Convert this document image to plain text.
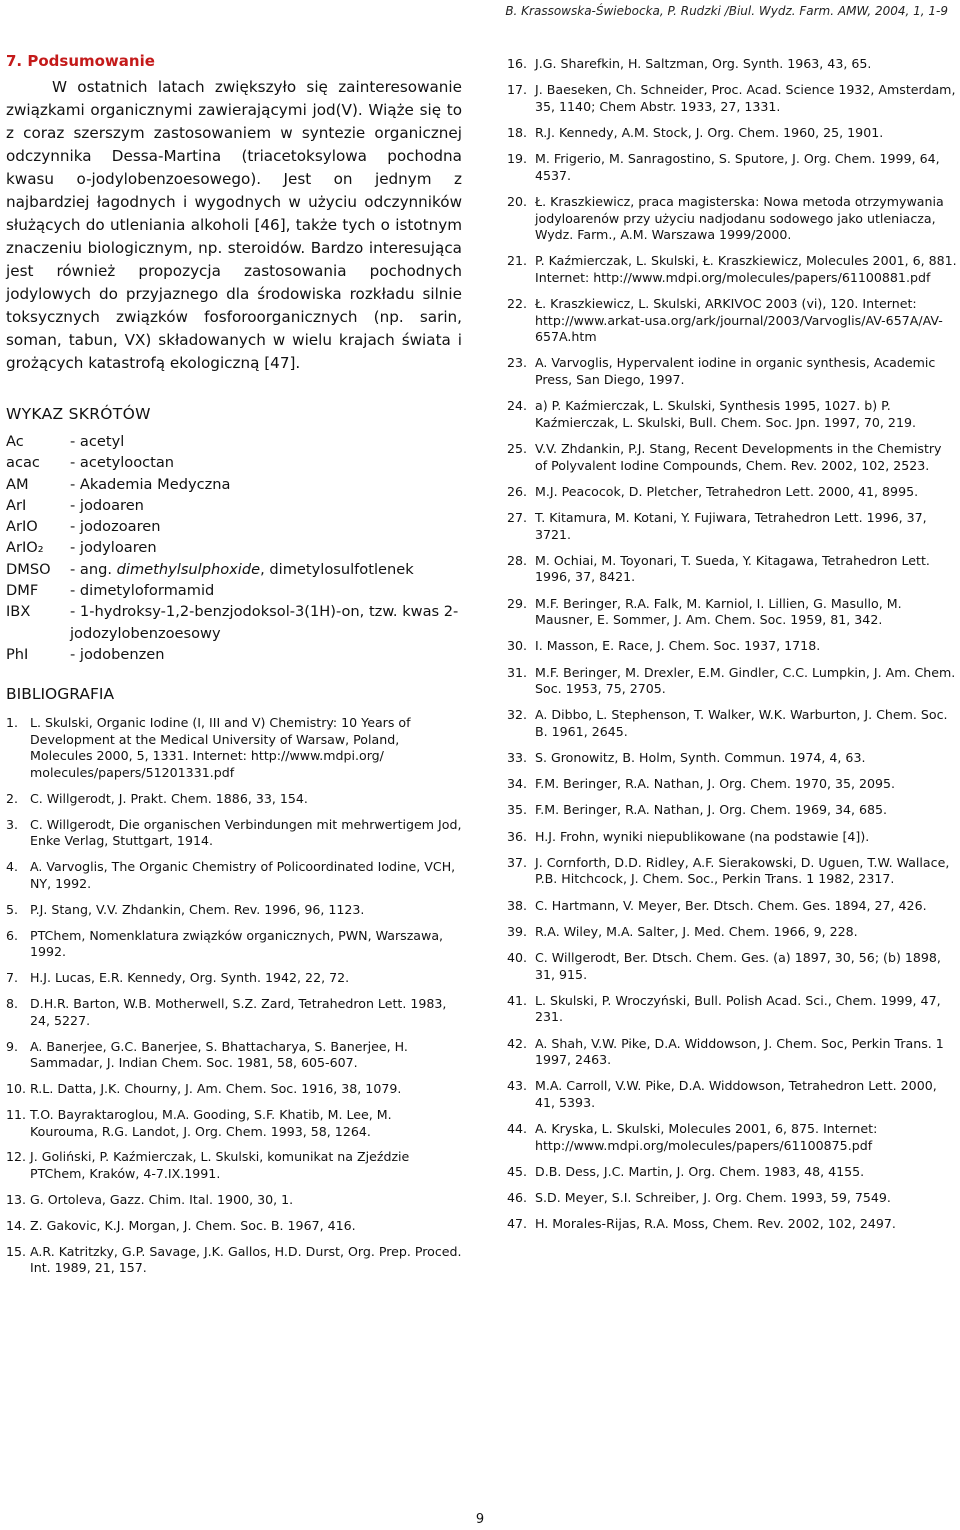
B. Krassowska-Świebocka, P. Rudzki /Biul. Wydz. Farm. AMW, 2004, 1, 1-9
7. Podsumowanie

W ostatnich latach zwiększyło się zainteresowanie związkami organicznymi zawierającymi jod(V). Wiąże się to z coraz szerszym zastosowaniem w syntezie organicznej odczynnika Dessa-Martina (triacetoksylowa pochodna kwasu o-jodylobenzoesowego). Jest on jednym z najbardziej łagodnych i wygodnych w użyciu odczynników służących do utleniania alkoholi [46], także tych o istotnym znaczeniu biologicznym, np. steroidów. Bardzo interesująca jest również propozycja zastosowania pochodnych jodylowych do przyjaznego dla środowiska rozkładu silnie toksycznych związków fosforoorganicznych (np. sarin, soman, tabun, VX) składowanych w wielu krajach świata i grożących katastrofą ekologiczną [47].

WYKAZ SKRÓTÓW
Ac	- acetyl
acac	- acetylooctan
AM	- Akademia Medyczna
ArI	- jodoaren
ArIO	- jodozoaren
ArIO₂	- jodyloaren
DMSO	- ang. dimethylsulphoxide, dimetylosulfotlenek
DMF	- dimetyloformamid
IBX	- 1-hydroksy-1,2-benzjodoksol-3(1H)-on, tzw. kwas 2-jodozylobenzoesowy
PhI	- jodobenzen
BIBLIOGRAFIA
1. L. Skulski, Organic Iodine (I, III and V) Chemistry: 10 Years of Development at the Medical University of Warsaw, Poland, Molecules 2000, 5, 1331. Internet: http://www.mdpi.org/ molecules/papers/51201331.pdf
2. C. Willgerodt, J. Prakt. Chem. 1886, 33, 154.
3. C. Willgerodt, Die organischen Verbindungen mit mehrwertigem Jod, Enke Verlag, Stuttgart, 1914.
4. A. Varvoglis, The Organic Chemistry of Policoordinated Iodine, VCH, NY, 1992.
5. P.J. Stang, V.V. Zhdankin, Chem. Rev. 1996, 96, 1123.
6. PTChem, Nomenklatura związków organicznych, PWN, Warszawa, 1992.
7. H.J. Lucas, E.R. Kennedy, Org. Synth. 1942, 22, 72.
8. D.H.R. Barton, W.B. Motherwell, S.Z. Zard, Tetrahedron Lett. 1983, 24, 5227.
9. A. Banerjee, G.C. Banerjee, S. Bhattacharya, S. Banerjee, H. Sammadar, J. Indian Chem. Soc. 1981, 58, 605-607.
10. R.L. Datta, J.K. Chourny, J. Am. Chem. Soc. 1916, 38, 1079.
11. T.O. Bayraktaroglou, M.A. Gooding, S.F. Khatib, M. Lee, M. Kourouma, R.G. Landot, J. Org. Chem. 1993, 58, 1264.
12. J. Goliński, P. Kaźmierczak, L. Skulski, komunikat na Zjeździe PTChem, Kraków, 4-7.IX.1991.
13. G. Ortoleva, Gazz. Chim. Ital. 1900, 30, 1.
14. Z. Gakovic, K.J. Morgan, J. Chem. Soc. B. 1967, 416.
15. A.R. Katritzky, G.P. Savage, J.K. Gallos, H.D. Durst, Org. Prep. Proced. Int. 1989, 21, 157.
16. J.G. Sharefkin, H. Saltzman, Org. Synth. 1963, 43, 65.
17. J. Baeseken, Ch. Schneider, Proc. Acad. Science 1932, Amsterdam, 35, 1140; Chem Abstr. 1933, 27, 1331.
18. R.J. Kennedy, A.M. Stock, J. Org. Chem. 1960, 25, 1901.
19. M. Frigerio, M. Sanragostino, S. Sputore, J. Org. Chem. 1999, 64, 4537.
20. Ł. Kraszkiewicz, praca magisterska: Nowa metoda otrzymywania jodyloarenów przy użyciu nadjodanu sodowego jako utleniacza, Wydz. Farm., A.M. Warszawa 1999/2000.
21. P. Kaźmierczak, L. Skulski, Ł. Kraszkiewicz, Molecules 2001, 6, 881. Internet: http://www.mdpi.org/molecules/papers/61100881.pdf
22. Ł. Kraszkiewicz, L. Skulski, ARKIVOC 2003 (vi), 120. Internet: http://www.arkat-usa.org/ark/journal/2003/Varvoglis/AV-657A/AV-657A.htm
23. A. Varvoglis, Hypervalent iodine in organic synthesis, Academic Press, San Diego, 1997.
24. a) P. Kaźmierczak, L. Skulski, Synthesis 1995, 1027. b) P. Kaźmierczak, L. Skulski, Bull. Chem. Soc. Jpn. 1997, 70, 219.
25. V.V. Zhdankin, P.J. Stang, Recent Developments in the Chemistry of Polyvalent Iodine Compounds, Chem. Rev. 2002, 102, 2523.
26. M.J. Peacocok, D. Pletcher, Tetrahedron Lett. 2000, 41, 8995.
27. T. Kitamura, M. Kotani, Y. Fujiwara, Tetrahedron Lett. 1996, 37, 3721.
28. M. Ochiai, M. Toyonari, T. Sueda, Y. Kitagawa, Tetrahedron Lett. 1996, 37, 8421.
29. M.F. Beringer, R.A. Falk, M. Karniol, I. Lillien, G. Masullo, M. Mausner, E. Sommer, J. Am. Chem. Soc. 1959, 81, 342.
30. I. Masson, E. Race, J. Chem. Soc. 1937, 1718.
31. M.F. Beringer, M. Drexler, E.M. Gindler, C.C. Lumpkin, J. Am. Chem. Soc. 1953, 75, 2705.
32. A. Dibbo, L. Stephenson, T. Walker, W.K. Warburton, J. Chem. Soc. B. 1961, 2645.
33. S. Gronowitz, B. Holm, Synth. Commun. 1974, 4, 63.
34. F.M. Beringer, R.A. Nathan, J. Org. Chem. 1970, 35, 2095.
35. F.M. Beringer, R.A. Nathan, J. Org. Chem. 1969, 34, 685.
36. H.J. Frohn, wyniki niepublikowane (na podstawie [4]).
37. J. Cornforth, D.D. Ridley, A.F. Sierakowski, D. Uguen, T.W. Wallace, P.B. Hitchcock, J. Chem. Soc., Perkin Trans. 1 1982, 2317.
38. C. Hartmann, V. Meyer, Ber. Dtsch. Chem. Ges. 1894, 27, 426.
39. R.A. Wiley, M.A. Salter, J. Med. Chem. 1966, 9, 228.
40. C. Willgerodt, Ber. Dtsch. Chem. Ges. (a) 1897, 30, 56; (b) 1898, 31, 915.
41. L. Skulski, P. Wroczyński, Bull. Polish Acad. Sci., Chem. 1999, 47, 231.
42. A. Shah, V.W. Pike, D.A. Widdowson, J. Chem. Soc, Perkin Trans. 1 1997, 2463.
43. M.A. Carroll, V.W. Pike, D.A. Widdowson, Tetrahedron Lett. 2000, 41, 5393.
44. A. Kryska, L. Skulski, Molecules 2001, 6, 875. Internet: http://www.mdpi.org/molecules/papers/61100875.pdf
45. D.B. Dess, J.C. Martin, J. Org. Chem. 1983, 48, 4155.
46. S.D. Meyer, S.I. Schreiber, J. Org. Chem. 1993, 59, 7549.
47. H. Morales-Rijas, R.A. Moss, Chem. Rev. 2002, 102, 2497.
9
